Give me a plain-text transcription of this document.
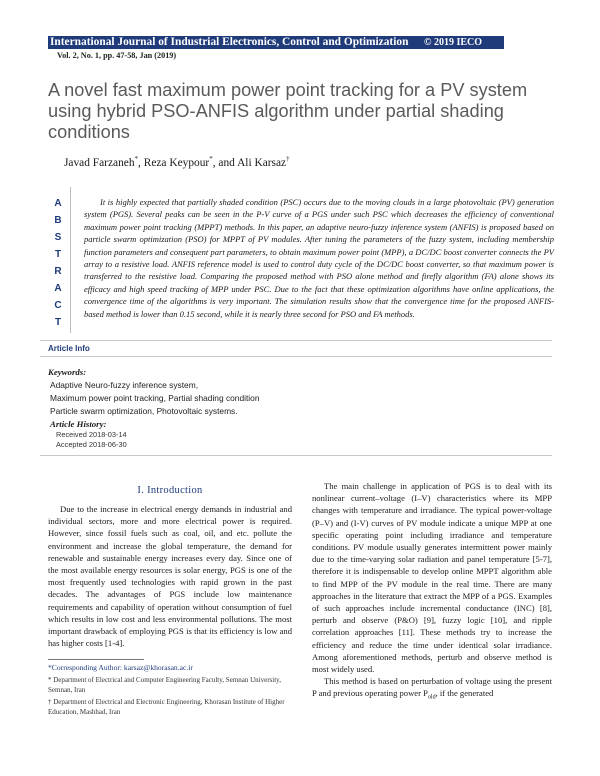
International Journal of Industrial Electronics, Control and Optimization © 2019 IECO
Vol. 2, No. 1, pp. 47-58, Jan (2019)
A novel fast maximum power point tracking for a PV system using hybrid PSO-ANFIS algorithm under partial shading conditions
Javad Farzaneh*, Reza Keypour*, and Ali Karsaz†
A
B
S
T
R
A
C
T
It is highly expected that partially shaded condition (PSC) occurs due to the moving clouds in a large photovoltaic (PV) generation system (PGS). Several peaks can be seen in the P-V curve of a PGS under such PSC which decreases the efficiency of conventional maximum power point tracking (MPPT) methods. In this paper, an adaptive neuro-fuzzy inference system (ANFIS) is proposed based on particle swarm optimization (PSO) for MPPT of PV modules. After tuning the parameters of the fuzzy system, including membership function parameters and consequent part parameters, to obtain maximum power point (MPP), a DC/DC boost converter connects the PV array to a resistive load. ANFIS reference model is used to control duty cycle of the DC/DC boost converter, so that maximum power is transferred to the resistive load. Comparing the proposed method with PSO alone method and firefly algorithm (FA) alone shows its efficacy and high speed tracking of MPP under PSC. Due to the fact that these optimization algorithms have online applications, the convergence time of the algorithms is very important. The simulation results show that the convergence time for the proposed ANFIS-based method is lower than 0.15 second, while it is nearly three second for PSO and FA methods.
Article Info
Keywords:
Adaptive Neuro-fuzzy inference system,
Maximum power point tracking, Partial shading condition
Particle swarm optimization, Photovoltaic systems.
Article History:
Received 2018-03-14
Accepted 2018-06-30
I. Introduction

Due to the increase in electrical energy demands in industrial and individual sectors, more and more electrical power is required. However, since fossil fuels such as coal, oil, and etc. pollute the environment and increase the global temperature, the demand for renewable and sustainable energy increases every day. Since one of the most available energy resources is solar energy, PGS is one of the most frequently used technologies with rapid grown in the past decades. The advantages of PGS include low maintenance requirements and capability of operation without consumption of fuel which results in low cost and less environmental pollutions. The most important drawback of employing PGS is that its efficiency is low and has higher costs [1-4].

The main challenge in application of PGS is to deal with its nonlinear current–voltage (I–V) characteristics where its MPP changes with temperature and irradiance. The typical power-voltage (P–V) and (I-V) curves of PV module indicate a unique MPP at one specific operating point including irradiance and temperature conditions. PV module usually generates intermittent power mainly due to the time-varying solar radiation and panel temperature [5-7], therefore it is indispensable to develop online MPPT algorithm able to find MPP of the PV module in the real time. There are many approaches in the literature that extract the MPP of a PGS. Examples of such approaches include incremental conductance (INC) [8], perturb and observe (P&O) [9], fuzzy logic [10], and ripple correlation approaches [11]. These methods try to increase the efficiency and reduce the time under identical solar irradiance. Among aforementioned methods, perturb and observe method is most widely used.

This method is based on perturbation of voltage using the present P and previous operating power $P_{old}$, if the generated

*Corresponding Author: karsaz@khorasan.ac.ir
* Department of Electrical and Computer Engineering Faculty, Semnan University, Semnan, Iran
† Department of Electrical and Electronic Engineering, Khorasan Institute of Higher Education, Mashhad, Iran
